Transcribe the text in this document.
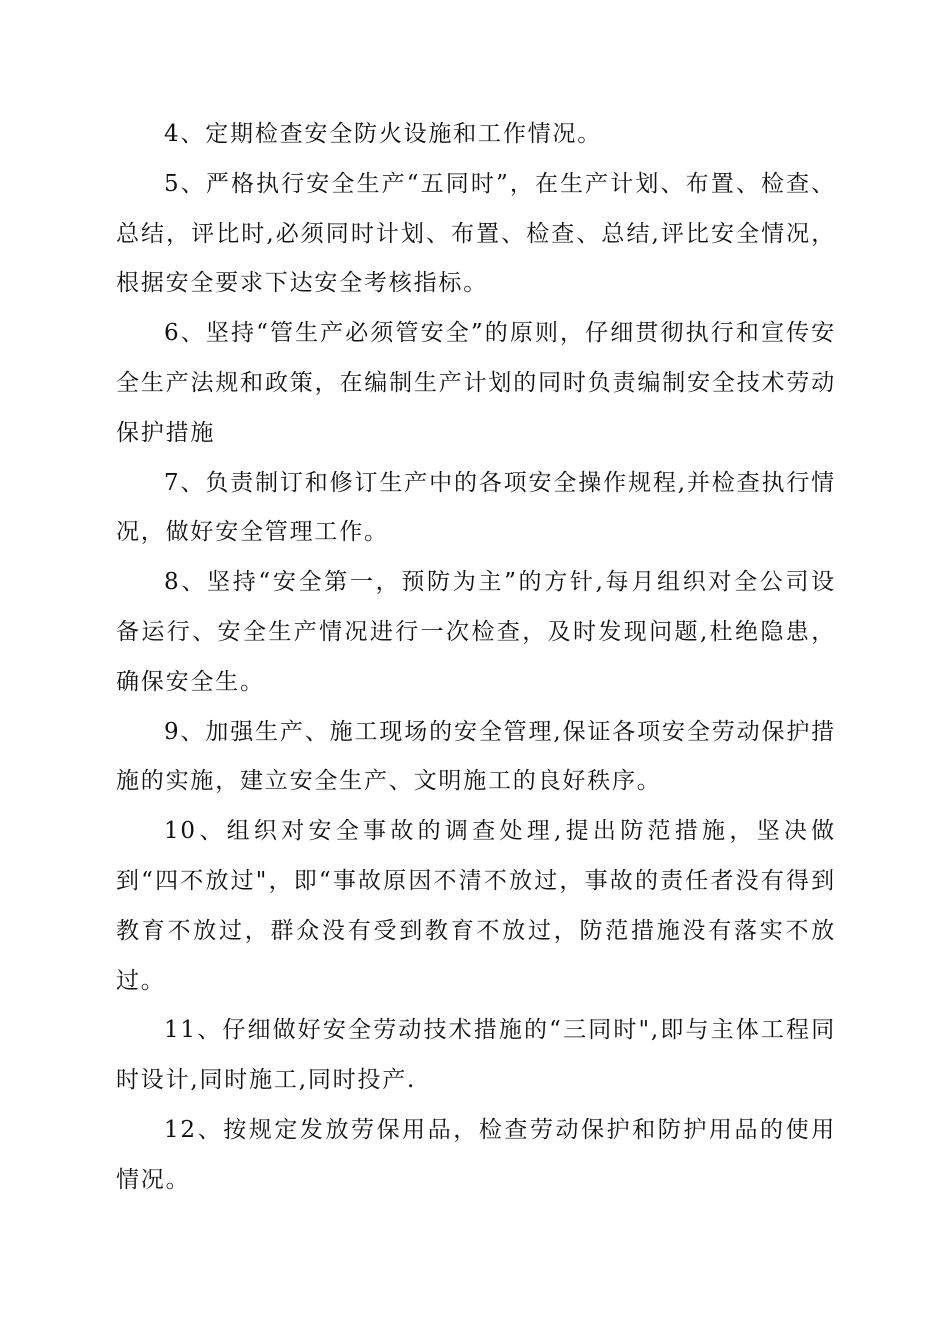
4、定期检查安全防火设施和工作情况。

5、严格执行安全生产“五同时”，在生产计划、布置、检查、总结，评比时,必须同时计划、布置、检查、总结,评比安全情况，根据安全要求下达安全考核指标。

6、坚持“管生产必须管安全”的原则，仔细贯彻执行和宣传安全生产法规和政策，在编制生产计划的同时负责编制安全技术劳动保护措施

7、负责制订和修订生产中的各项安全操作规程,并检查执行情况，做好安全管理工作。

8、坚持“安全第一，预防为主”的方针,每月组织对全公司设备运行、安全生产情况进行一次检查，及时发现问题,杜绝隐患，确保安全生。

9、加强生产、施工现场的安全管理,保证各项安全劳动保护措施的实施，建立安全生产、文明施工的良好秩序。

10、组织对安全事故的调查处理,提出防范措施，坚决做到“四不放过"，即“事故原因不清不放过，事故的责任者没有得到教育不放过，群众没有受到教育不放过，防范措施没有落实不放过。

11、仔细做好安全劳动技术措施的“三同时",即与主体工程同时设计,同时施工,同时投产.

12、按规定发放劳保用品，检查劳动保护和防护用品的使用情况。
